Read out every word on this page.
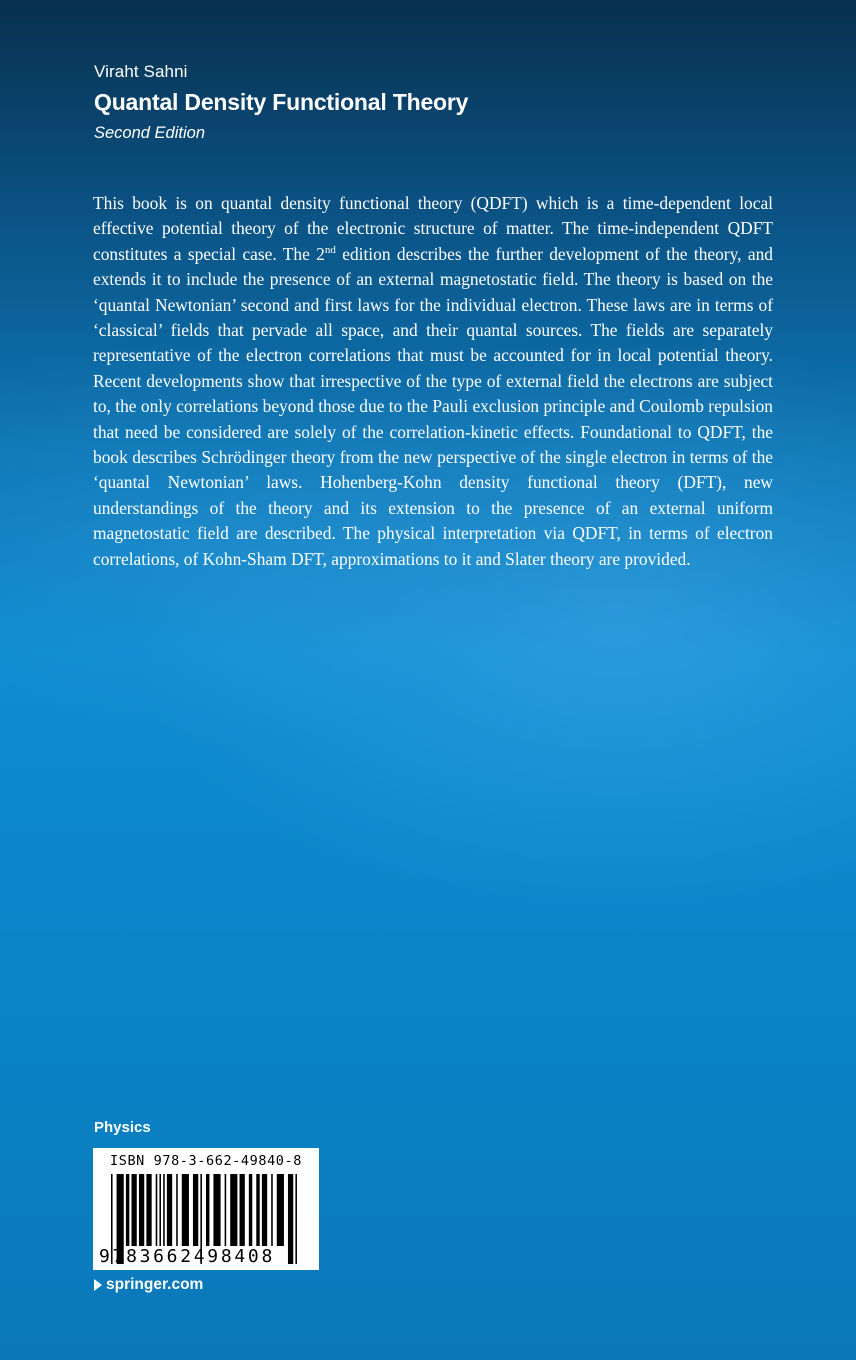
Viraht Sahni
Quantal Density Functional Theory
Second Edition

This book is on quantal density functional theory (QDFT) which is a time-dependent local effective potential theory of the electronic structure of matter. The time-independent QDFT constitutes a special case. The 2nd edition describes the further development of the theory, and extends it to include the presence of an external magnetostatic field. The theory is based on the ‘quantal Newtonian’ second and first laws for the individual electron. These laws are in terms of ‘classical’ fields that pervade all space, and their quantal sources. The fields are separately representative of the electron correlations that must be accounted for in local potential theory. Recent developments show that irrespective of the type of external field the electrons are subject to, the only correlations beyond those due to the Pauli exclusion principle and Coulomb repulsion that need be considered are solely of the correlation-kinetic effects. Foundational to QDFT, the book describes Schrödinger theory from the new perspective of the single electron in terms of the ‘quantal Newtonian’ laws. Hohenberg-Kohn density functional theory (DFT), new understandings of the theory and its extension to the presence of an external uniform magnetostatic field are described. The physical interpretation via QDFT, in terms of electron correlations, of Kohn-Sham DFT, approximations to it and Slater theory are provided.

Physics
ISBN 978-3-662-49840-8
9783662498408
springer.com
